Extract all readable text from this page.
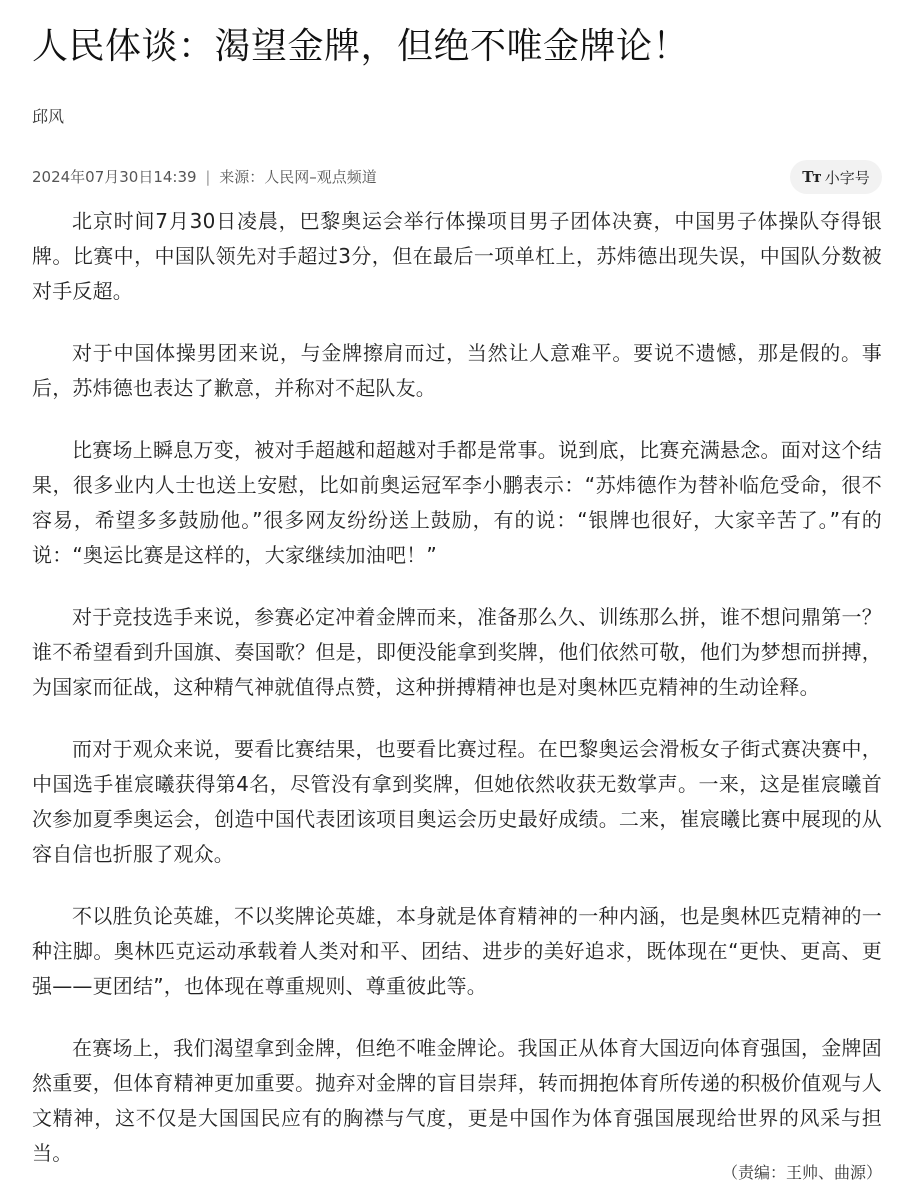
人民体谈：渴望金牌，但绝不唯金牌论！
邱风
2024年07月30日14:39 | 来源：人民网–观点频道	Tт 小字号

北京时间7月30日凌晨，巴黎奥运会举行体操项目男子团体决赛，中国男子体操队夺得银牌。比赛中，中国队领先对手超过3分，但在最后一项单杠上，苏炜德出现失误，中国队分数被对手反超。

对于中国体操男团来说，与金牌擦肩而过，当然让人意难平。要说不遗憾，那是假的。事后，苏炜德也表达了歉意，并称对不起队友。

比赛场上瞬息万变，被对手超越和超越对手都是常事。说到底，比赛充满悬念。面对这个结果，很多业内人士也送上安慰，比如前奥运冠军李小鹏表示：“苏炜德作为替补临危受命，很不容易，希望多多鼓励他。”很多网友纷纷送上鼓励，有的说：“银牌也很好，大家辛苦了。”有的说：“奥运比赛是这样的，大家继续加油吧！”

对于竞技选手来说，参赛必定冲着金牌而来，准备那么久、训练那么拼，谁不想问鼎第一？谁不希望看到升国旗、奏国歌？但是，即便没能拿到奖牌，他们依然可敬，他们为梦想而拼搏，为国家而征战，这种精气神就值得点赞，这种拼搏精神也是对奥林匹克精神的生动诠释。

而对于观众来说，要看比赛结果，也要看比赛过程。在巴黎奥运会滑板女子街式赛决赛中，中国选手崔宸曦获得第4名，尽管没有拿到奖牌，但她依然收获无数掌声。一来，这是崔宸曦首次参加夏季奥运会，创造中国代表团该项目奥运会历史最好成绩。二来，崔宸曦比赛中展现的从容自信也折服了观众。

不以胜负论英雄，不以奖牌论英雄，本身就是体育精神的一种内涵，也是奥林匹克精神的一种注脚。奥林匹克运动承载着人类对和平、团结、进步的美好追求，既体现在“更快、更高、更强——更团结”，也体现在尊重规则、尊重彼此等。

在赛场上，我们渴望拿到金牌，但绝不唯金牌论。我国正从体育大国迈向体育强国，金牌固然重要，但体育精神更加重要。抛弃对金牌的盲目崇拜，转而拥抱体育所传递的积极价值观与人文精神，这不仅是大国国民应有的胸襟与气度，更是中国作为体育强国展现给世界的风采与担当。

（责编：王帅、曲源）
